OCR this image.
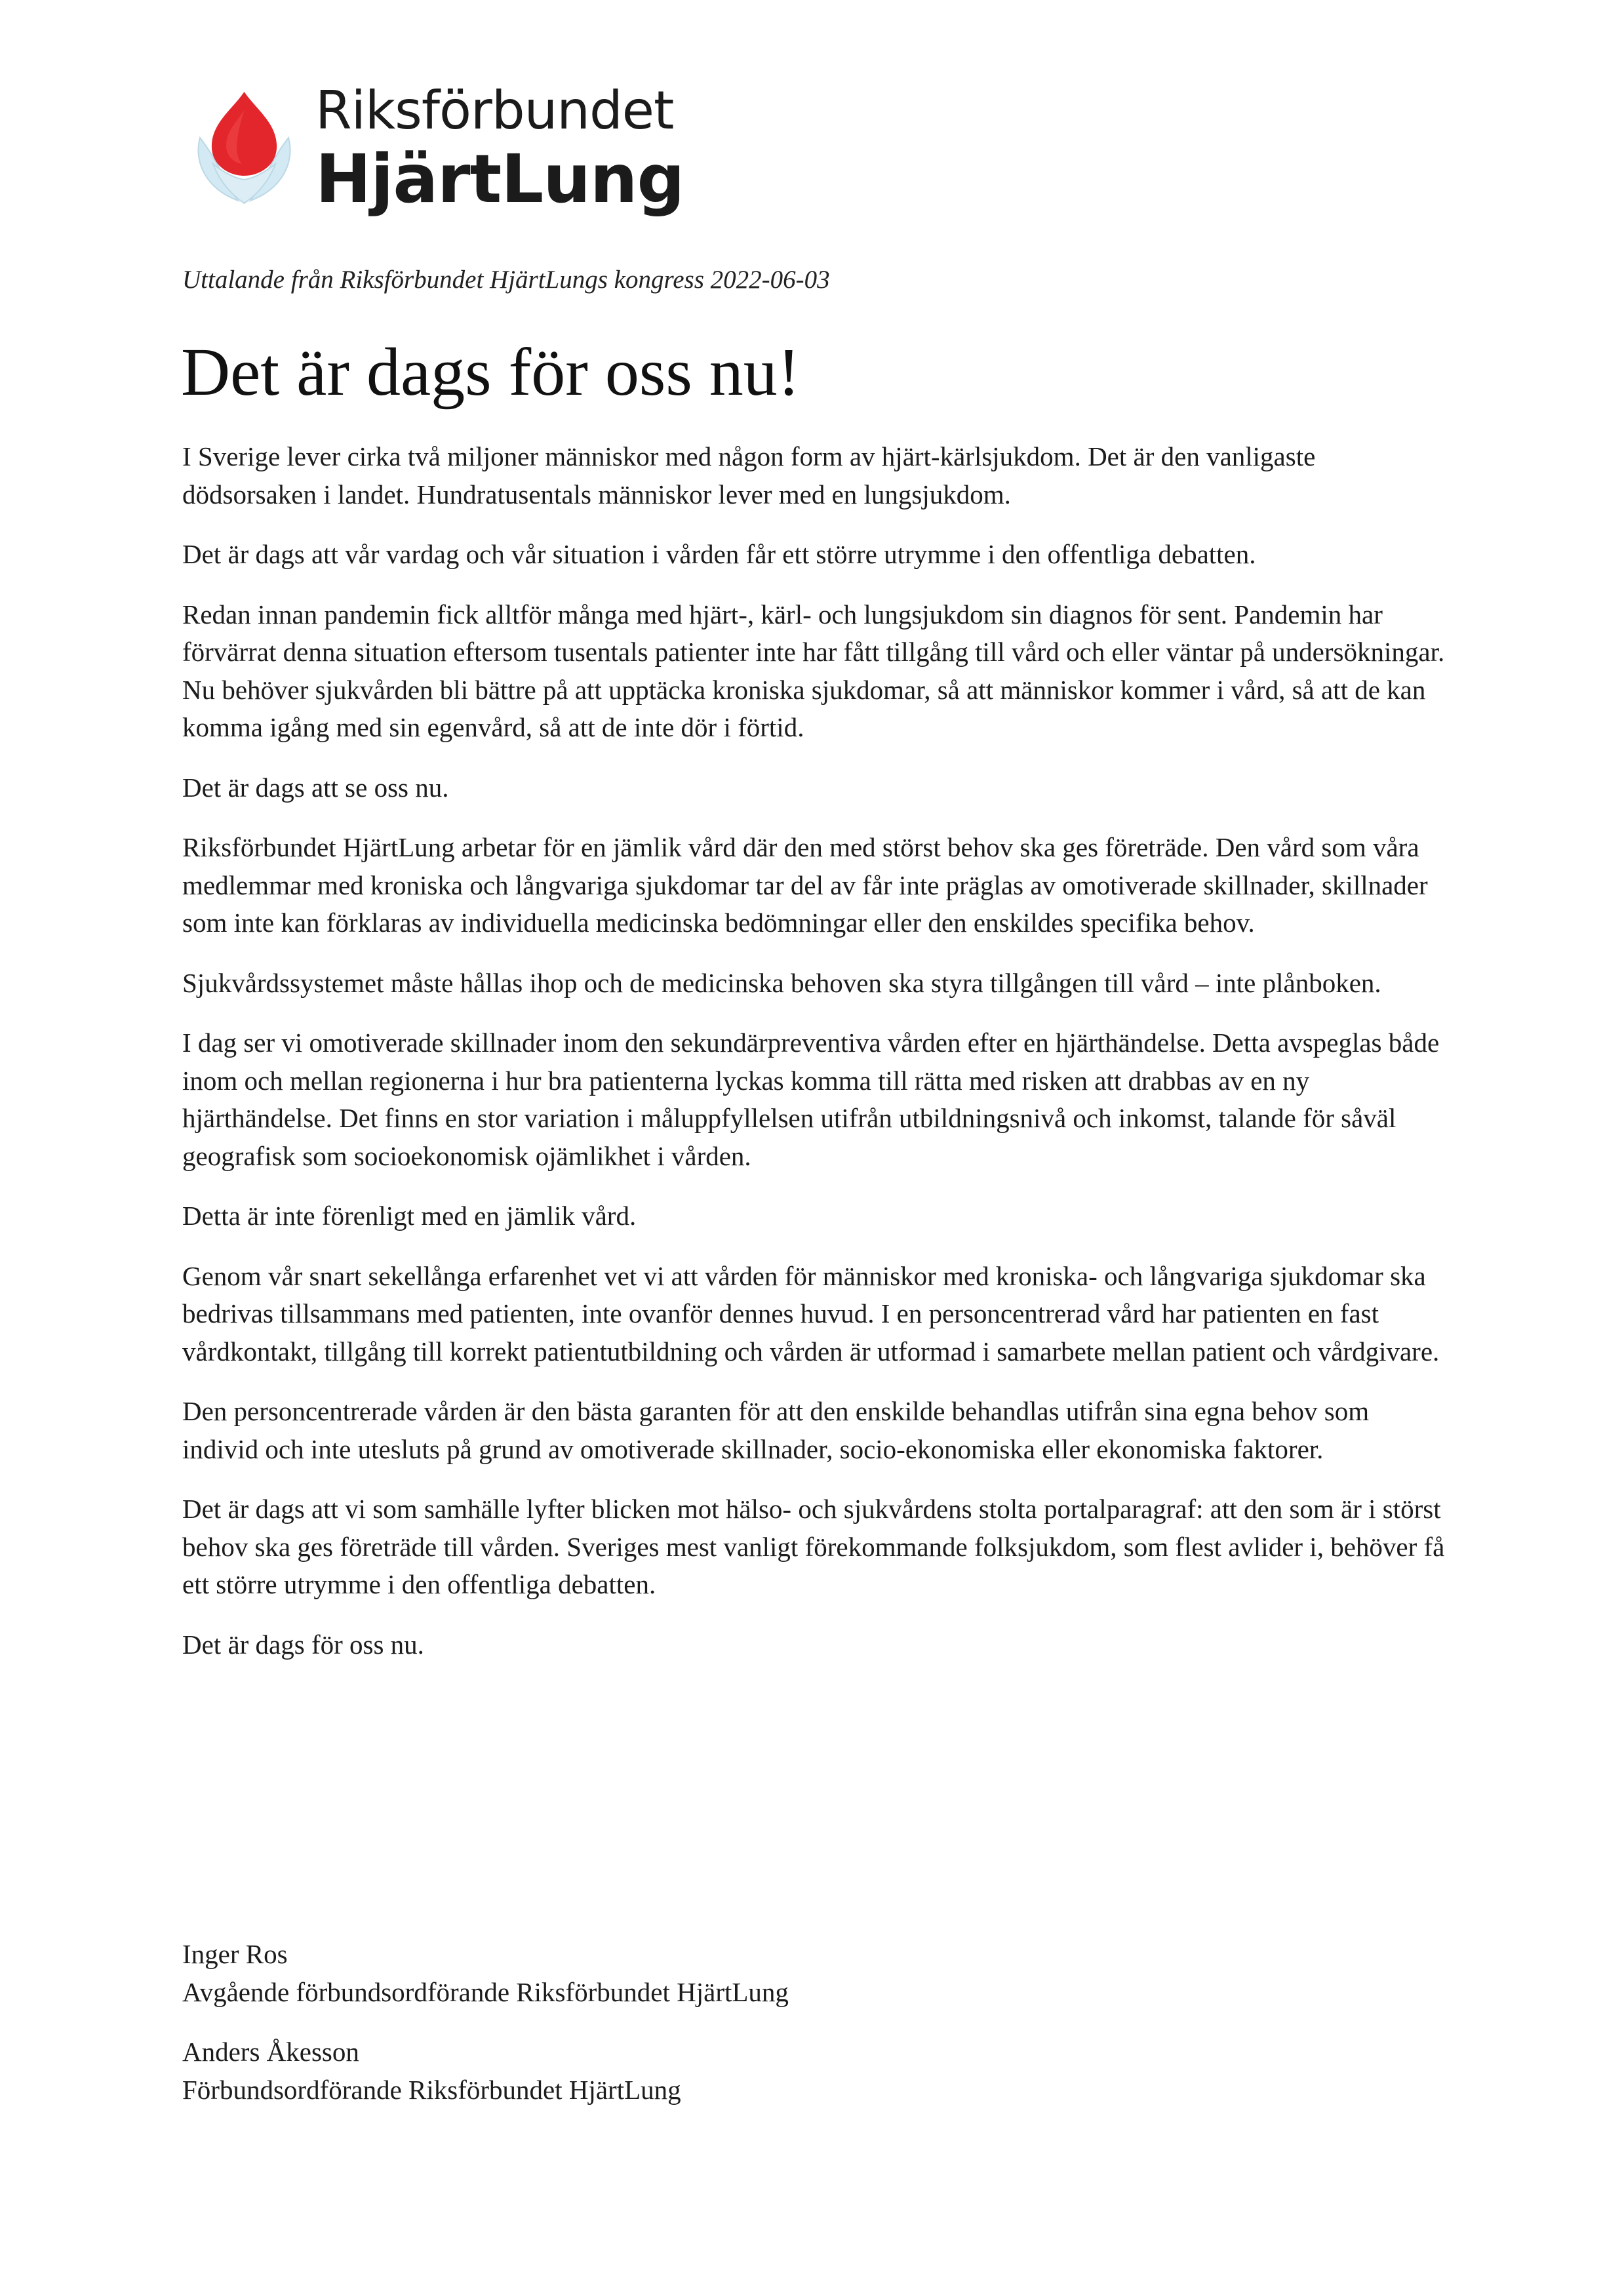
Riksförbundet
HjärtLung
Uttalande från Riksförbundet HjärtLungs kongress 2022-06-03
Det är dags för oss nu!

I Sverige lever cirka två miljoner människor med någon form av hjärt-kärlsjukdom. Det är den vanligaste dödsorsaken i landet. Hundratusentals människor lever med en lungsjukdom.

Det är dags att vår vardag och vår situation i vården får ett större utrymme i den offentliga debatten.

Redan innan pandemin fick alltför många med hjärt-, kärl- och lungsjukdom sin diagnos för sent. Pandemin har förvärrat denna situation eftersom tusentals patienter inte har fått tillgång till vård och eller väntar på undersökningar. Nu behöver sjukvården bli bättre på att upptäcka kroniska sjukdomar, så att människor kommer i vård, så att de kan komma igång med sin egenvård, så att de inte dör i förtid.

Det är dags att se oss nu.

Riksförbundet HjärtLung arbetar för en jämlik vård där den med störst behov ska ges företräde. Den vård som våra medlemmar med kroniska och långvariga sjukdomar tar del av får inte präglas av omotiverade skillnader, skillnader som inte kan förklaras av individuella medicinska bedömningar eller den enskildes specifika behov.

Sjukvårdssystemet måste hållas ihop och de medicinska behoven ska styra tillgången till vård – inte plånboken.

I dag ser vi omotiverade skillnader inom den sekundärpreventiva vården efter en hjärthändelse. Detta avspeglas både inom och mellan regionerna i hur bra patienterna lyckas komma till rätta med risken att drabbas av en ny hjärthändelse. Det finns en stor variation i måluppfyllelsen utifrån utbildningsnivå och inkomst, talande för såväl geografisk som socioekonomisk ojämlikhet i vården.

Detta är inte förenligt med en jämlik vård.

Genom vår snart sekellånga erfarenhet vet vi att vården för människor med kroniska- och långvariga sjukdomar ska bedrivas tillsammans med patienten, inte ovanför dennes huvud. I en personcentrerad vård har patienten en fast vårdkontakt, tillgång till korrekt patientutbildning och vården är utformad i samarbete mellan patient och vårdgivare.

Den personcentrerade vården är den bästa garanten för att den enskilde behandlas utifrån sina egna behov som individ och inte utesluts på grund av omotiverade skillnader, socio-ekonomiska eller ekonomiska faktorer.

Det är dags att vi som samhälle lyfter blicken mot hälso- och sjukvårdens stolta portalparagraf: att den som är i störst behov ska ges företräde till vården. Sveriges mest vanligt förekommande folksjukdom, som flest avlider i, behöver få ett större utrymme i den offentliga debatten.

Det är dags för oss nu.

Inger Ros
Avgående förbundsordförande Riksförbundet HjärtLung
Anders Åkesson
Förbundsordförande Riksförbundet HjärtLung
